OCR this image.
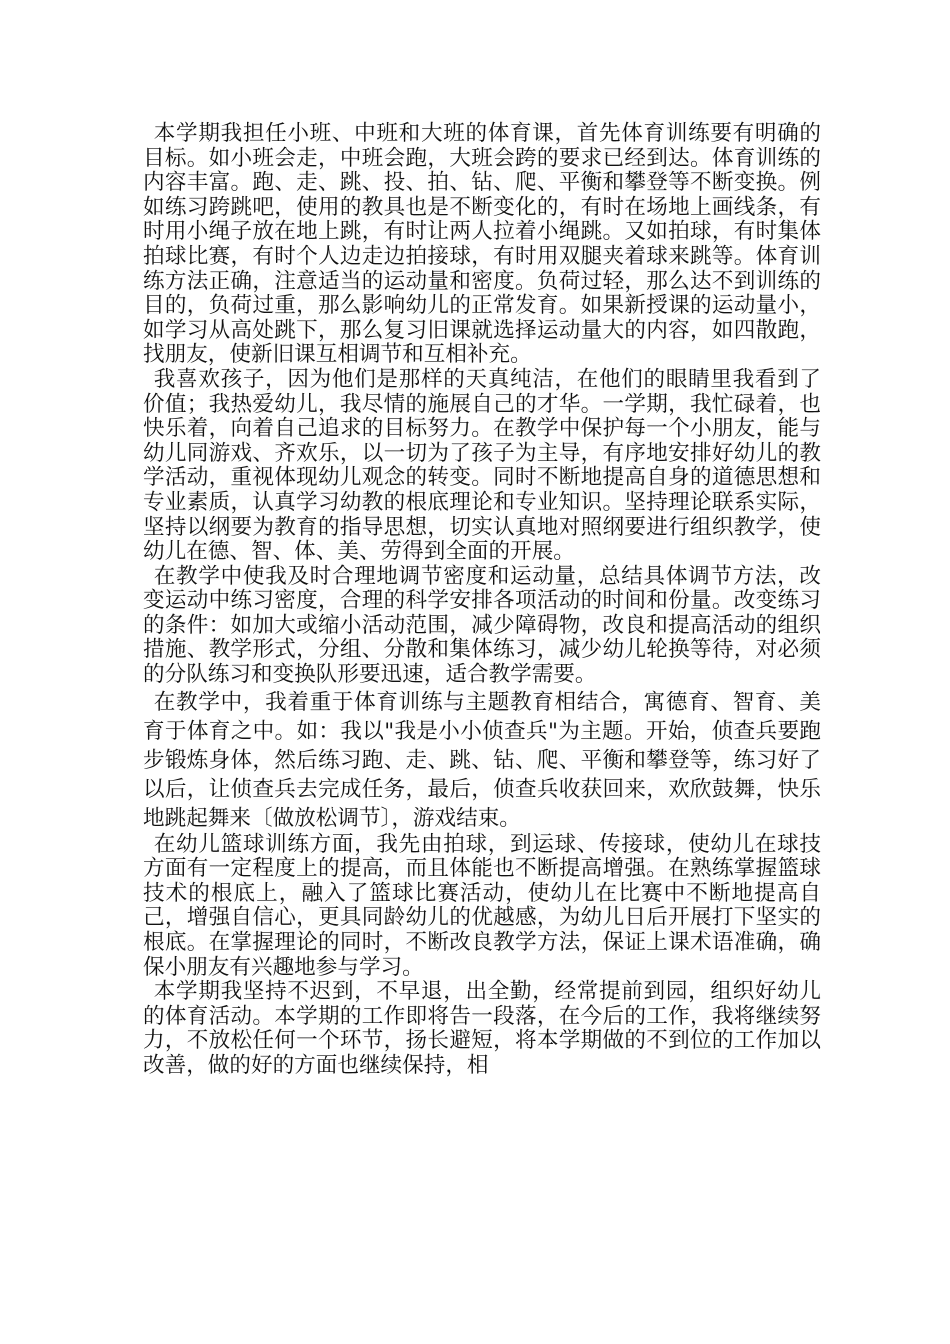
本学期我担任小班、中班和大班的体育课，首先体育训练要有明确的目标。如小班会走，中班会跑，大班会跨的要求已经到达。体育训练的内容丰富。跑、走、跳、投、拍、钻、爬、平衡和攀登等不断变换。例如练习跨跳吧，使用的教具也是不断变化的，有时在场地上画线条，有时用小绳子放在地上跳，有时让两人拉着小绳跳。又如拍球，有时集体拍球比赛，有时个人边走边拍接球，有时用双腿夹着球来跳等。体育训练方法正确，注意适当的运动量和密度。负荷过轻，那么达不到训练的目的，负荷过重，那么影响幼儿的正常发育。如果新授课的运动量小，如学习从高处跳下，那么复习旧课就选择运动量大的内容，如四散跑，找朋友，使新旧课互相调节和互相补充。

我喜欢孩子，因为他们是那样的天真纯洁，在他们的眼睛里我看到了价值；我热爱幼儿，我尽情的施展自己的才华。一学期，我忙碌着，也快乐着，向着自己追求的目标努力。在教学中保护每一个小朋友，能与幼儿同游戏、齐欢乐，以一切为了孩子为主导，有序地安排好幼儿的教学活动，重视体现幼儿观念的转变。同时不断地提高自身的道德思想和专业素质，认真学习幼教的根底理论和专业知识。坚持理论联系实际，坚持以纲要为教育的指导思想，切实认真地对照纲要进行组织教学，使幼儿在德、智、体、美、劳得到全面的开展。

在教学中使我及时合理地调节密度和运动量，总结具体调节方法，改变运动中练习密度，合理的科学安排各项活动的时间和份量。改变练习的条件：如加大或缩小活动范围，减少障碍物，改良和提高活动的组织措施、教学形式，分组、分散和集体练习，减少幼儿轮换等待，对必须的分队练习和变换队形要迅速，适合教学需要。

在教学中，我着重于体育训练与主题教育相结合，寓德育、智育、美育于体育之中。如：我以"我是小小侦查兵"为主题。开始，侦查兵要跑步锻炼身体，然后练习跑、走、跳、钻、爬、平衡和攀登等，练习好了以后，让侦查兵去完成任务，最后，侦查兵收获回来，欢欣鼓舞，快乐地跳起舞来〔做放松调节〕，游戏结束。

在幼儿篮球训练方面，我先由拍球，到运球、传接球，使幼儿在球技方面有一定程度上的提高，而且体能也不断提高增强。在熟练掌握篮球技术的根底上，融入了篮球比赛活动，使幼儿在比赛中不断地提高自己，增强自信心，更具同龄幼儿的优越感，为幼儿日后开展打下坚实的根底。在掌握理论的同时，不断改良教学方法，保证上课术语准确，确保小朋友有兴趣地参与学习。

本学期我坚持不迟到，不早退，出全勤，经常提前到园，组织好幼儿的体育活动。本学期的工作即将告一段落，在今后的工作，我将继续努力，不放松任何一个环节，扬长避短，将本学期做的不到位的工作加以改善，做的好的方面也继续保持，相
